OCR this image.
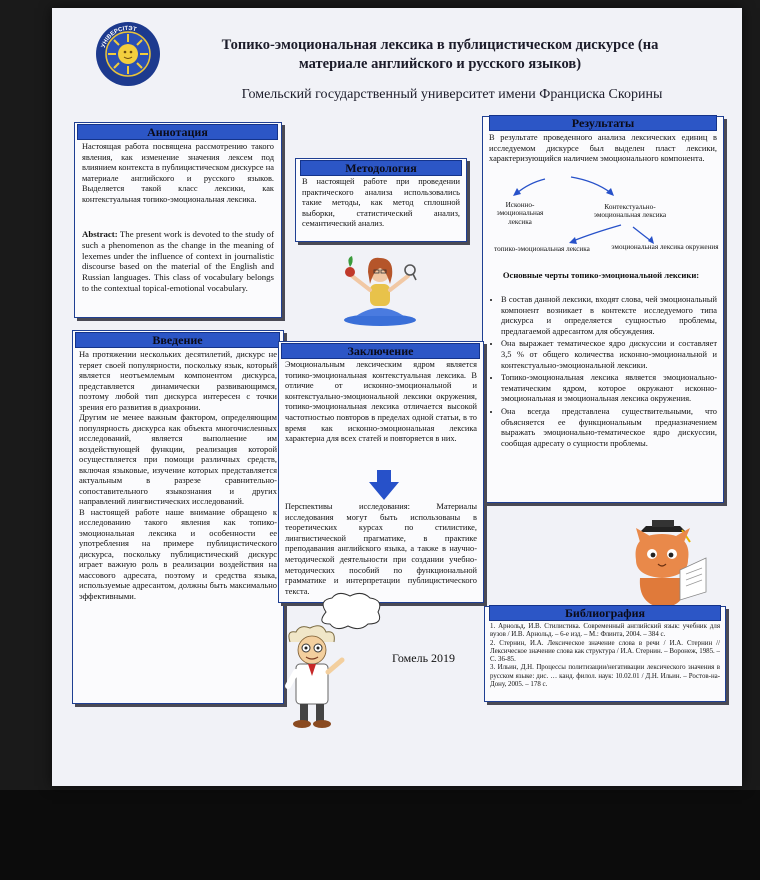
УНІВЕРСІТЭТ
Топико-эмоциональная лексика в публицистическом дискурсе (на
материале английского и русского языков)
Гомельский государственный университет имени Франциска Скорины
Аннотация

Настоящая работа посвящена рассмотрению такого явления, как изменение значения лексем под влиянием контекста в публицистическом дискурсе на материале английского и русского языков. Выделяется такой класс лексики, как контекстуальная топико-эмоциональная лексика.

Abstract: The present work is devoted to the study of such a phenomenon as the change in the meaning of lexemes under the influence of context in journalistic discourse based on the material of the English and Russian languages. This class of vocabulary belongs to the contextual topical-emotional vocabulary.

Методология

В настоящей работе при проведении практического анализа использовались такие методы, как метод сплошной выборки, статистический анализ, семантический анализ.

Результаты

В результате проведенного анализа лексических единиц в исследуемом дискурсе был выделен пласт лексики, характеризующийся наличием эмоционального компонента.

Исконно-эмоциональная лексика
Контекстуально-эмоциональная лексика
топико-эмоциональная лексика	эмоциональная лексика окружения
Основные черты топико-эмоциональной лексики:
• В состав данной лексики, входят слова, чей эмоциональный компонент возникает в контексте исследуемого типа дискурса и определяется сущностью проблемы, предлагаемой адресантом для обсуждения.
• Она выражает тематическое ядро дискуссии и составляет 3,5 % от общего количества исконно-эмоциональной и контекстуально-эмоциональной лексики.
• Топико-эмоциональная лексика является эмоционально-тематическим ядром, которое окружают исконно-эмоциональная и эмоциональная лексика окружения.
• Она всегда представлена существительными, что объясняется ее функциональным предназначением выражать эмоционально-тематическое ядро дискуссии, сообщая адресату о сущности проблемы.
Введение
На протяжении нескольких десятилетий, дискурс не теряет своей популярности, поскольку язык, который является неотъемлемым компонентом дискурса, представляется динамически развивающимся, поэтому любой тип дискурса интересен с точки зрения его развития в диахронии.
Другим не менее важным фактором, определяющим популярность дискурса как объекта многочисленных исследований, является выполнение им воздействующей функции, реализация которой осуществляется при помощи различных средств, включая языковые, изучение которых представляется актуальным в разрезе сравнительно-сопоставительного языкознания и других направлений лингвистических исследований.
В настоящей работе наше внимание обращено к исследованию такого явления как топико-эмоциональная лексика и особенности ее употребления на примере публицистического дискурса, поскольку публицистический дискурс играет важную роль в реализации воздействия на массового адресата, поэтому и средства языка, используемые адресантом, должны быть максимально эффективными.
Заключение

Эмоциональным лексическим ядром является топико-эмоциональная контекстуальная лексика. В отличие от исконно-эмоциональной и контекстуально-эмоциональной лексики окружения, топико-эмоциональная лексика отличается высокой частотностью повторов в пределах одной статьи, в то время как исконно-эмоциональная лексика характерна для всех статей и повторяется в них.

Перспективы исследования: Материалы исследования могут быть использованы в теоретических курсах по стилистике, лингвистической прагматике, в практике преподавания английского языка, а также в научно-методической деятельности при создании учебно-методических пособий по функциональной грамматике и интерпретации публицистического текста.

Гомель 2019
Библиография
1. Арнольд, И.В. Стилистика. Современный английский язык: учебник для вузов / И.В. Арнольд. – 6-е изд. – М.: Флинта, 2004. – 384 с.
2. Стернин, И.А. Лексическое значение слова в речи / И.А. Стернин // Лексическое значение слова как структура / И.А. Стернин. – Воронеж, 1985. – С. 36-85.
3. Ильин, Д.Н. Процессы политизации/негативации лексического значения в русском языке: дис. … канд. филол. наук: 10.02.01 / Д.Н. Ильин. – Ростов-на-Дону, 2005. – 178 с.
